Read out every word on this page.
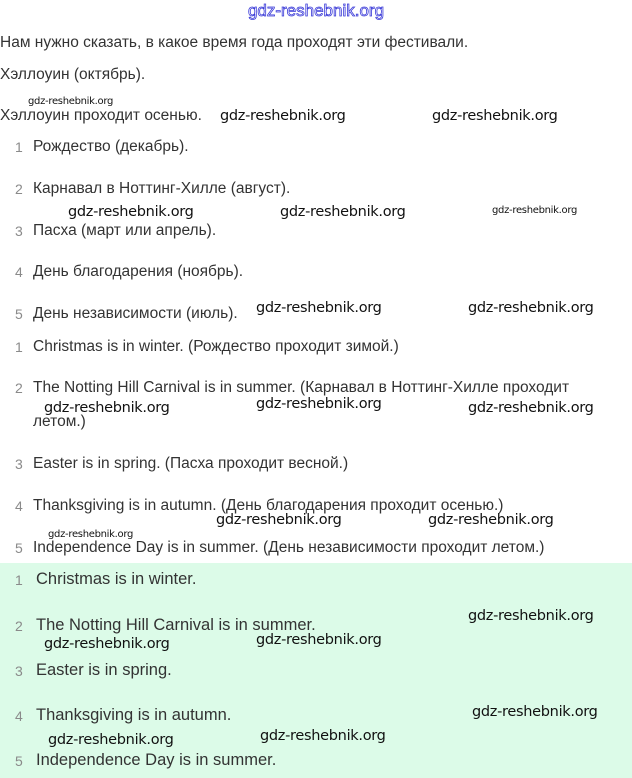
gdz-reshebnik.org
Нам нужно сказать, в какое время года проходят эти фестивали.
Хэллоуин (октябрь).
Хэллоуин проходит осенью.
1 Рождество (декабрь).
2 Карнавал в Ноттинг-Хилле (август).
3 Пасха (март или апрель).
4 День благодарения (ноябрь).
5 День независимости (июль).
1 Christmas is in winter. (Рождество проходит зимой.)
2 The Notting Hill Carnival is in summer. (Карнавал в Ноттинг-Хилле проходит
летом.)
3 Easter is in spring. (Пасха проходит весной.)
4 Thanksgiving is in autumn. (День благодарения проходит осенью.)
5 Independence Day is in summer. (День независимости проходит летом.)
1 Christmas is in winter.
2 The Notting Hill Carnival is in summer.
3 Easter is in spring.
4 Thanksgiving is in autumn.
5 Independence Day is in summer.
gdz-reshebnik.org
gdz-reshebnik.org	gdz-reshebnik.org
gdz-reshebnik.org	gdz-reshebnik.org	gdz-reshebnik.org
gdz-reshebnik.org	gdz-reshebnik.org
gdz-reshebnik.org	gdz-reshebnik.org	gdz-reshebnik.org
gdz-reshebnik.org
gdz-reshebnik.org	gdz-reshebnik.org
gdz-reshebnik.org
gdz-reshebnik.org	gdz-reshebnik.org
gdz-reshebnik.org
gdz-reshebnik.org	gdz-reshebnik.org
